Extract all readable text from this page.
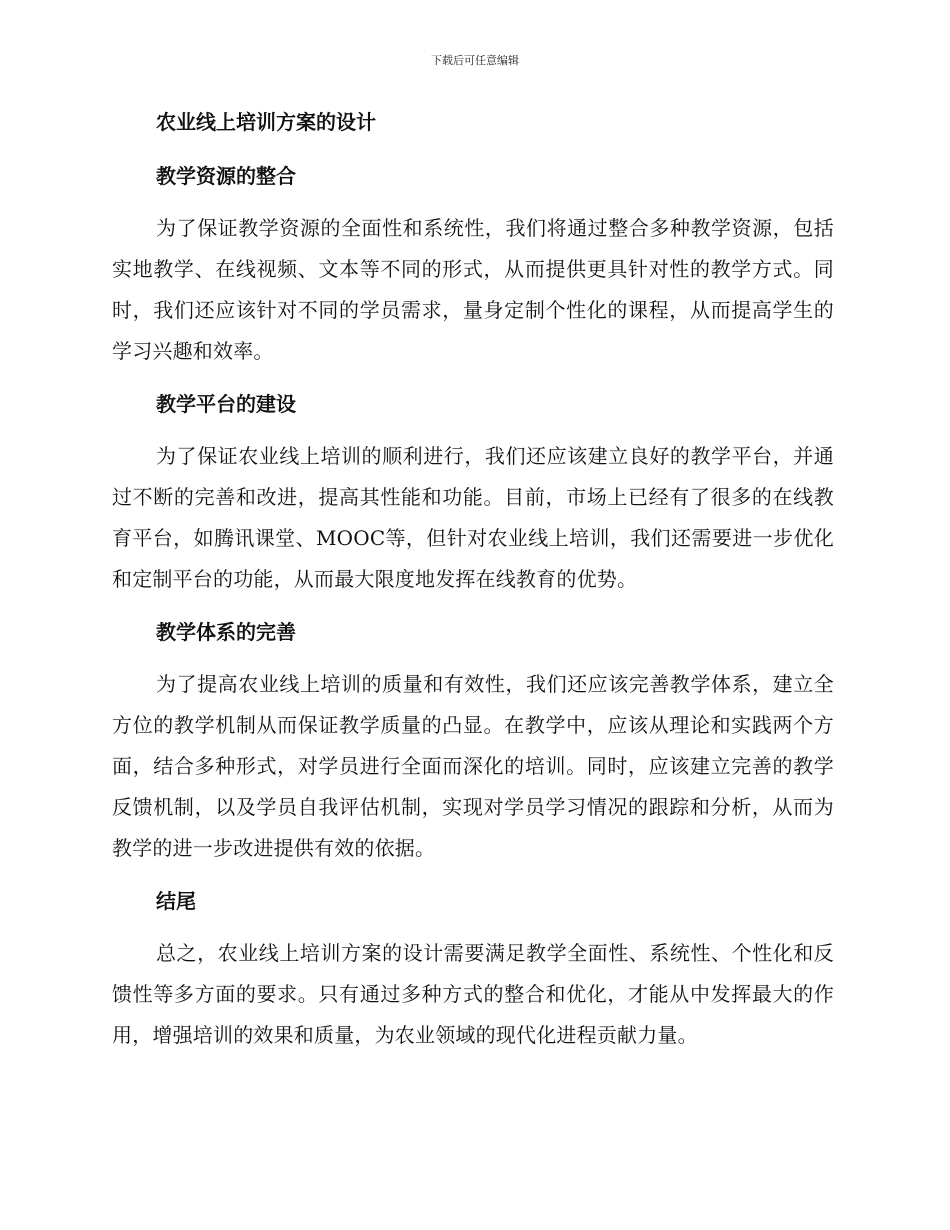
下载后可任意编辑
农业线上培训方案的设计
教学资源的整合

为了保证教学资源的全面性和系统性，我们将通过整合多种教学资源，包括实地教学、在线视频、文本等不同的形式，从而提供更具针对性的教学方式。同时，我们还应该针对不同的学员需求，量身定制个性化的课程，从而提高学生的学习兴趣和效率。

教学平台的建设

为了保证农业线上培训的顺利进行，我们还应该建立良好的教学平台，并通过不断的完善和改进，提高其性能和功能。目前，市场上已经有了很多的在线教育平台，如腾讯课堂、MOOC等，但针对农业线上培训，我们还需要进一步优化和定制平台的功能，从而最大限度地发挥在线教育的优势。

教学体系的完善

为了提高农业线上培训的质量和有效性，我们还应该完善教学体系，建立全方位的教学机制从而保证教学质量的凸显。在教学中，应该从理论和实践两个方面，结合多种形式，对学员进行全面而深化的培训。同时，应该建立完善的教学反馈机制，以及学员自我评估机制，实现对学员学习情况的跟踪和分析，从而为教学的进一步改进提供有效的依据。

结尾

总之，农业线上培训方案的设计需要满足教学全面性、系统性、个性化和反馈性等多方面的要求。只有通过多种方式的整合和优化，才能从中发挥最大的作用，增强培训的效果和质量，为农业领域的现代化进程贡献力量。
